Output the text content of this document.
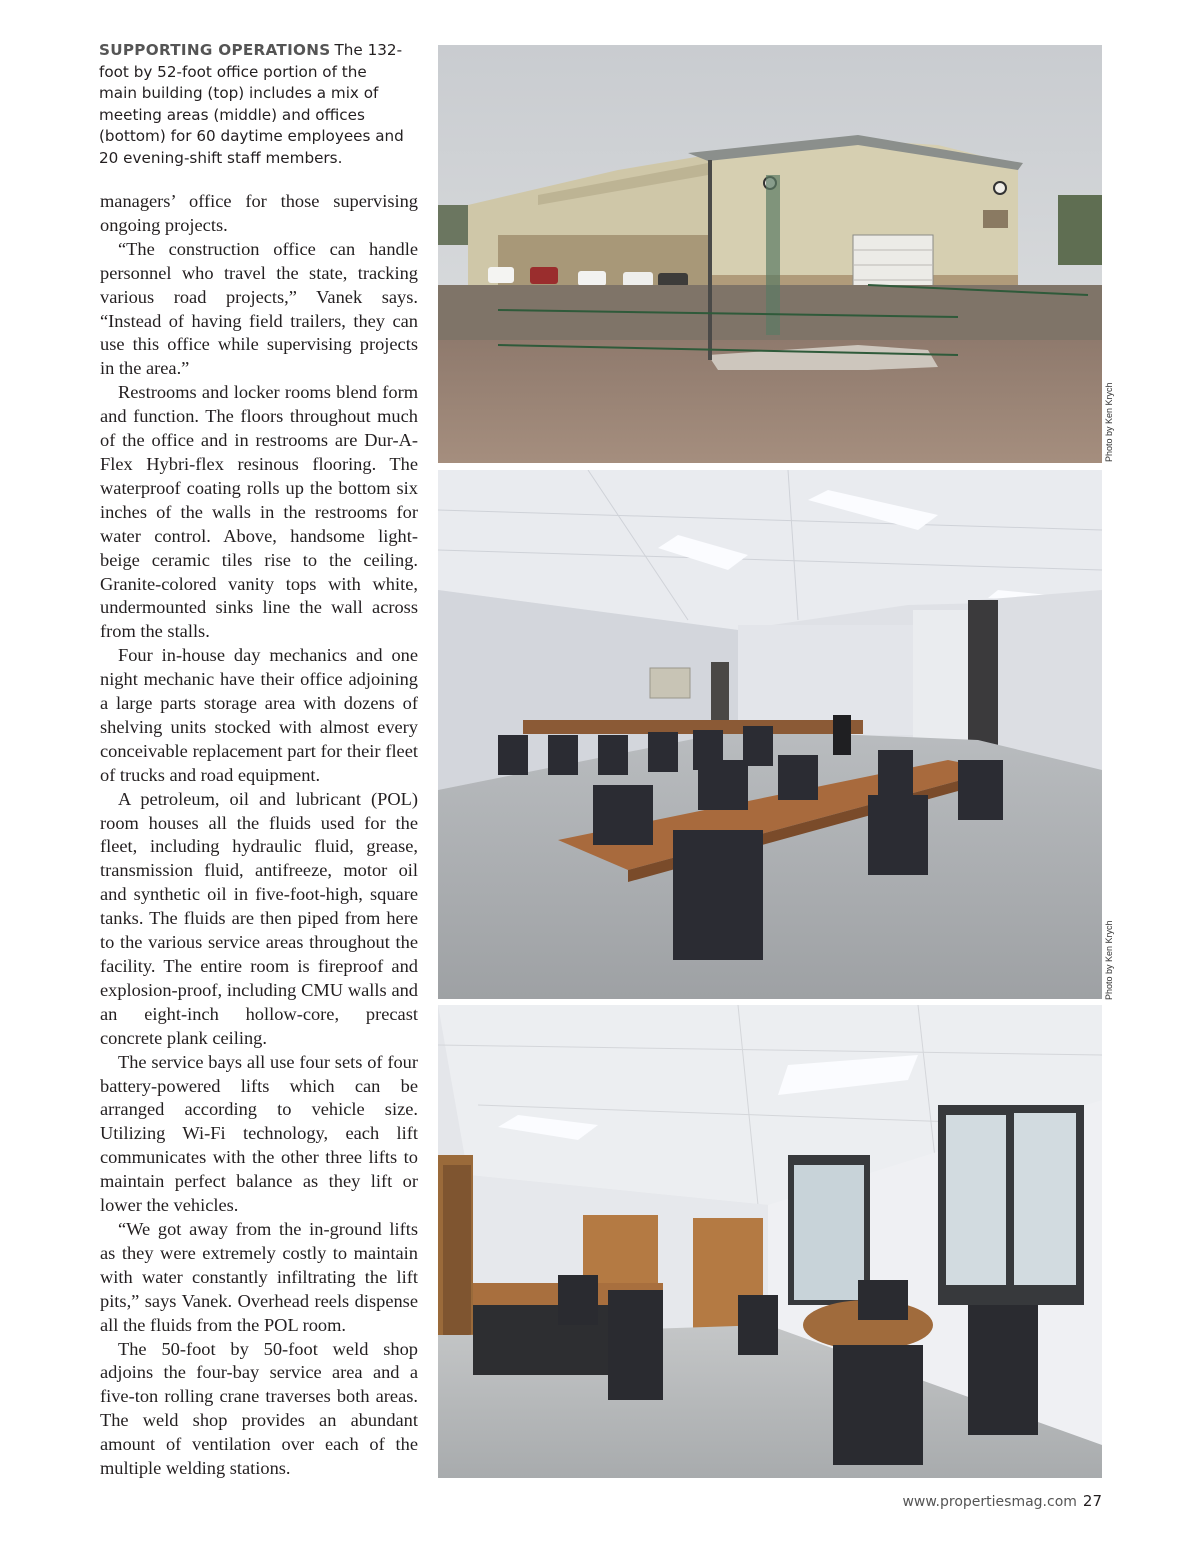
SUPPORTING OPERATIONS The 132-foot by 52-foot office portion of the main building (top) includes a mix of meeting areas (middle) and offices (bottom) for 60 daytime employees and 20 evening-shift staff members.

managers’ office for those supervising ongoing projects.

“The construction office can handle personnel who travel the state, tracking various road projects,” Vanek says. “Instead of having field trailers, they can use this office while supervising projects in the area.”

Restrooms and locker rooms blend form and function. The floors throughout much of the office and in restrooms are Dur-A-Flex Hybri-flex resinous flooring. The waterproof coating rolls up the bottom six inches of the walls in the restrooms for water control. Above, handsome light-beige ceramic tiles rise to the ceiling. Granite-colored vanity tops with white, undermounted sinks line the wall across from the stalls.

Four in-house day mechanics and one night mechanic have their office adjoining a large parts storage area with dozens of shelving units stocked with almost every conceivable replacement part for their fleet of trucks and road equipment.

A petroleum, oil and lubricant (POL) room houses all the fluids used for the fleet, including hydraulic fluid, grease, transmission fluid, antifreeze, motor oil and synthetic oil in five-foot-high, square tanks. The fluids are then piped from here to the various service areas throughout the facility. The entire room is fireproof and explosion-proof, including CMU walls and an eight-inch hollow-core, precast concrete plank ceiling.

The service bays all use four sets of four battery-powered lifts which can be arranged according to vehicle size. Utilizing Wi-Fi technology, each lift communicates with the other three lifts to maintain perfect balance as they lift or lower the vehicles.

“We got away from the in-ground lifts as they were extremely costly to maintain with water constantly infiltrating the lift pits,” says Vanek. Overhead reels dispense all the fluids from the POL room.

The 50-foot by 50-foot weld shop adjoins the four-bay service area and a five-ton rolling crane traverses both areas. The weld shop provides an abundant amount of ventilation over each of the multiple welding stations.

Photo by Ken Krych
Photo by Ken Krych
www.propertiesmag.com 27
